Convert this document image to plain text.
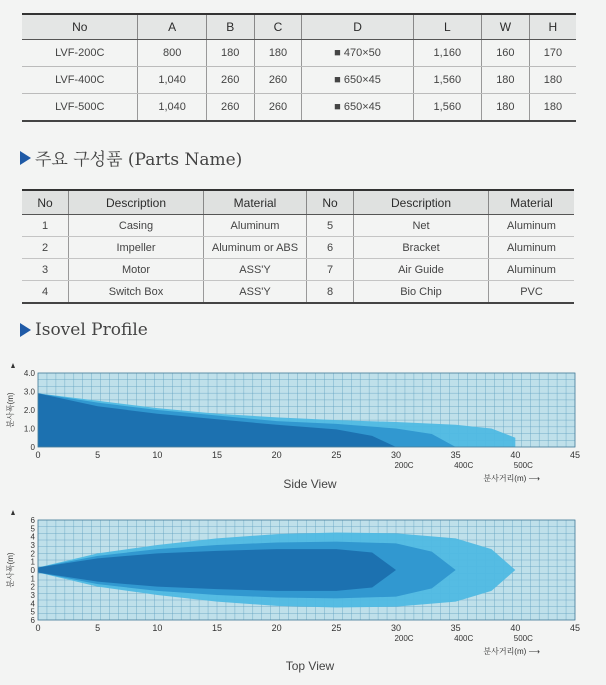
No	A	B	C	D	L	W	H
LVF-200C	800	180	180	■ 470×50	1,160	160	170
LVF-400C	1,040	260	260	■ 650×45	1,560	180	180
LVF-500C	1,040	260	260	■ 650×45	1,560	180	180
주요 구성품 (Parts Name)
No	Description	Material	No	Description	Material
1	Casing	Aluminum	5	Net	Aluminum
2	Impeller	Aluminum or ABS	6	Bracket	Aluminum
3	Motor	ASS'Y	7	Air Guide	Aluminum
4	Switch Box	ASS'Y	8	Bio Chip	PVC
Isovel Profile
0	5	10	15	20	25	30	35	40	45
200C	400C	500C
0
1.0
2.0
3.0
4.0
분사폭(m)
분사거리(m) ⟶
Side View
0	5	10	15	20	25	30	35	40	45
200C	400C	500C
6
5
4
3
2
1
0
1
2
3
4
5
6
분사폭(m)
분사거리(m) ⟶
Top View
